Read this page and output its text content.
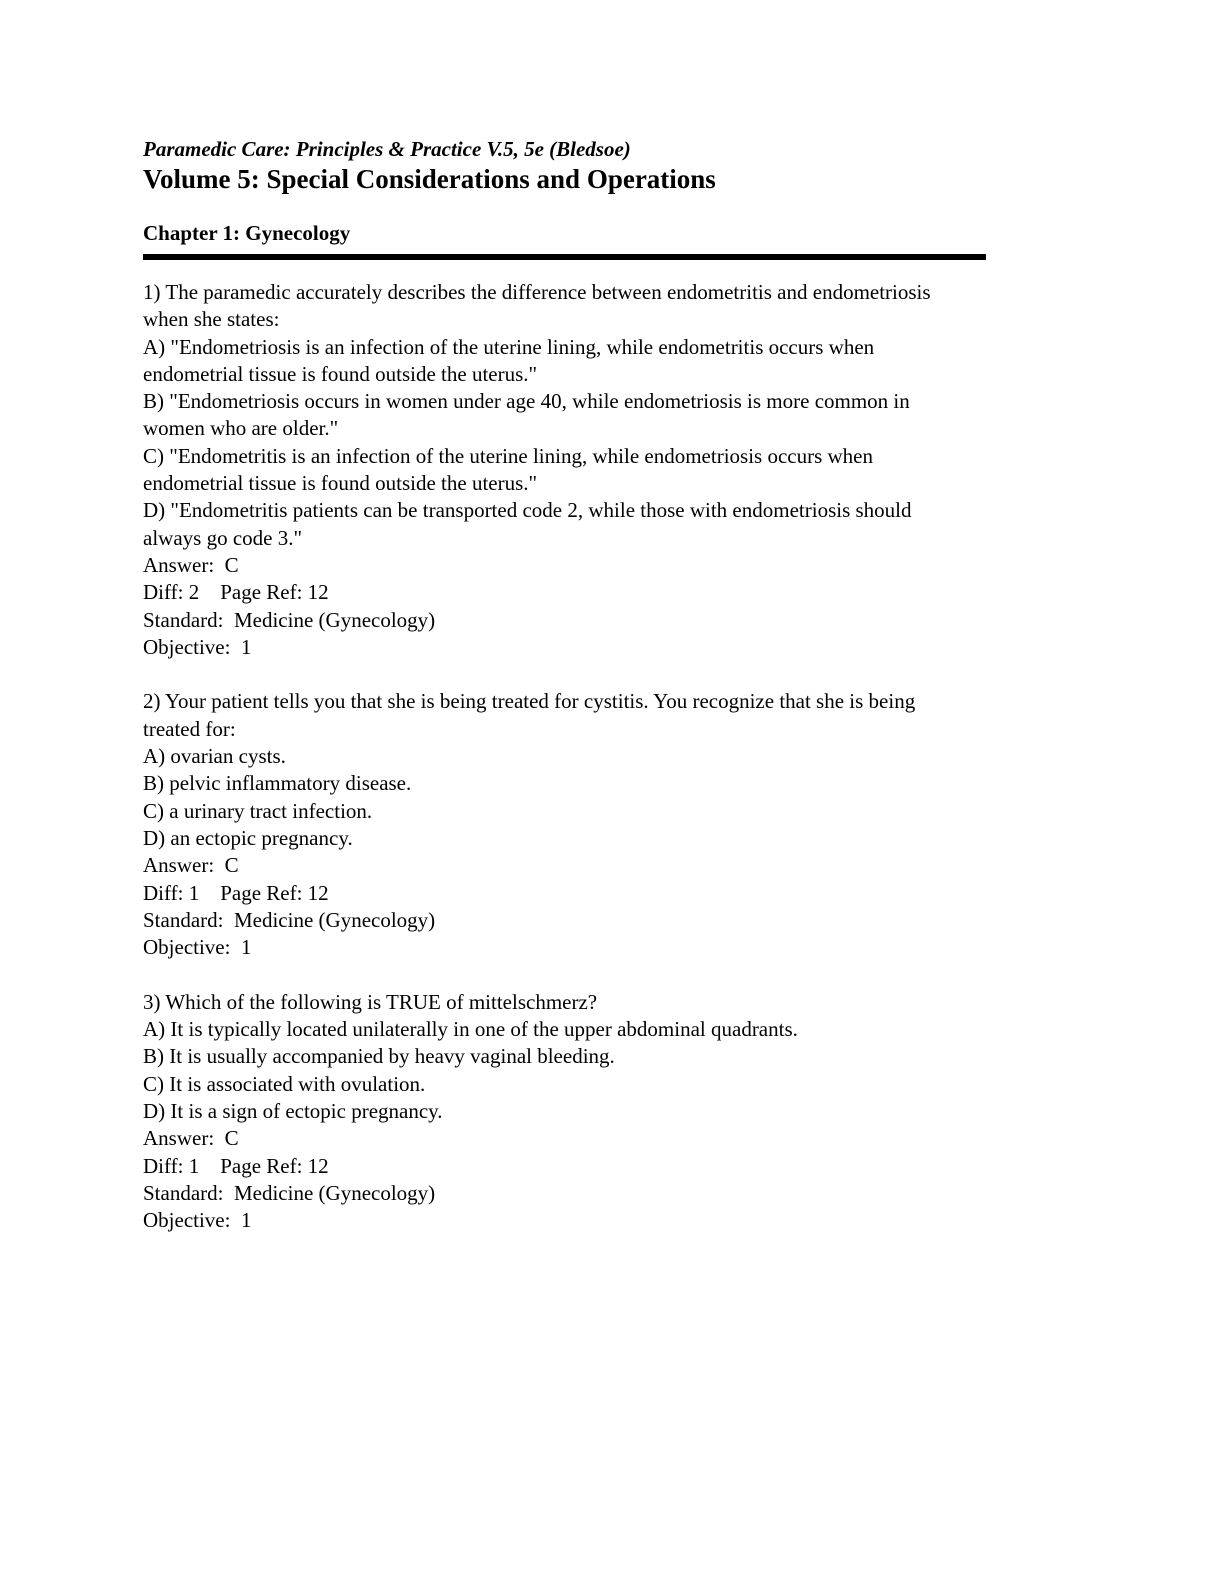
Paramedic Care: Principles & Practice V.5, 5e (Bledsoe)
Volume 5: Special Considerations and Operations
Chapter 1: Gynecology
1) The paramedic accurately describes the difference between endometritis and endometriosis
when she states:
A) "Endometriosis is an infection of the uterine lining, while endometritis occurs when
endometrial tissue is found outside the uterus."
B) "Endometriosis occurs in women under age 40, while endometriosis is more common in
women who are older."
C) "Endometritis is an infection of the uterine lining, while endometriosis occurs when
endometrial tissue is found outside the uterus."
D) "Endometritis patients can be transported code 2, while those with endometriosis should
always go code 3."
Answer:  C
Diff: 2    Page Ref: 12
Standard:  Medicine (Gynecology)
Objective:  1
2) Your patient tells you that she is being treated for cystitis. You recognize that she is being
treated for:
A) ovarian cysts.
B) pelvic inflammatory disease.
C) a urinary tract infection.
D) an ectopic pregnancy.
Answer:  C
Diff: 1    Page Ref: 12
Standard:  Medicine (Gynecology)
Objective:  1
3) Which of the following is TRUE of mittelschmerz?
A) It is typically located unilaterally in one of the upper abdominal quadrants.
B) It is usually accompanied by heavy vaginal bleeding.
C) It is associated with ovulation.
D) It is a sign of ectopic pregnancy.
Answer:  C
Diff: 1    Page Ref: 12
Standard:  Medicine (Gynecology)
Objective:  1
